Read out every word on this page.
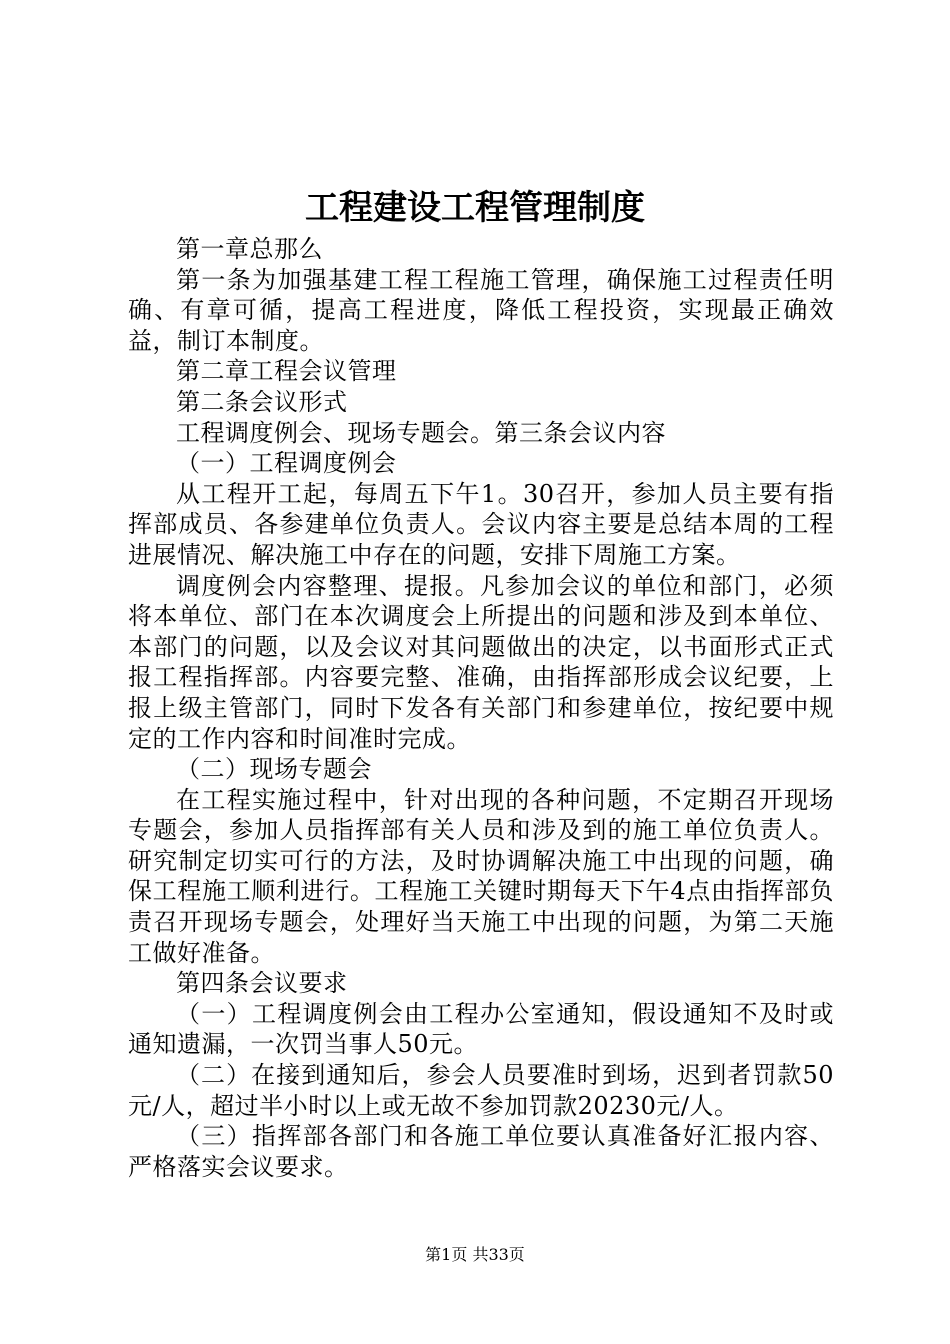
工程建设工程管理制度

第一章总那么

第一条为加强基建工程工程施工管理，确保施工过程责任明确、有章可循，提高工程进度，降低工程投资，实现最正确效益，制订本制度。

第二章工程会议管理

第二条会议形式

工程调度例会、现场专题会。第三条会议内容

（一）工程调度例会

从工程开工起，每周五下午1。30召开，参加人员主要有指挥部成员、各参建单位负责人。会议内容主要是总结本周的工程进展情况、解决施工中存在的问题，安排下周施工方案。

调度例会内容整理、提报。凡参加会议的单位和部门，必须将本单位、部门在本次调度会上所提出的问题和涉及到本单位、本部门的问题，以及会议对其问题做出的决定，以书面形式正式报工程指挥部。内容要完整、准确，由指挥部形成会议纪要，上报上级主管部门，同时下发各有关部门和参建单位，按纪要中规定的工作内容和时间准时完成。

（二）现场专题会

在工程实施过程中，针对出现的各种问题，不定期召开现场专题会，参加人员指挥部有关人员和涉及到的施工单位负责人。研究制定切实可行的方法，及时协调解决施工中出现的问题，确保工程施工顺利进行。工程施工关键时期每天下午4点由指挥部负责召开现场专题会，处理好当天施工中出现的问题，为第二天施工做好准备。

第四条会议要求

（一）工程调度例会由工程办公室通知，假设通知不及时或通知遗漏，一次罚当事人50元。

（二）在接到通知后，参会人员要准时到场，迟到者罚款50元/人，超过半小时以上或无故不参加罚款20230元/人。

（三）指挥部各部门和各施工单位要认真准备好汇报内容、严格落实会议要求。

第1页 共33页
